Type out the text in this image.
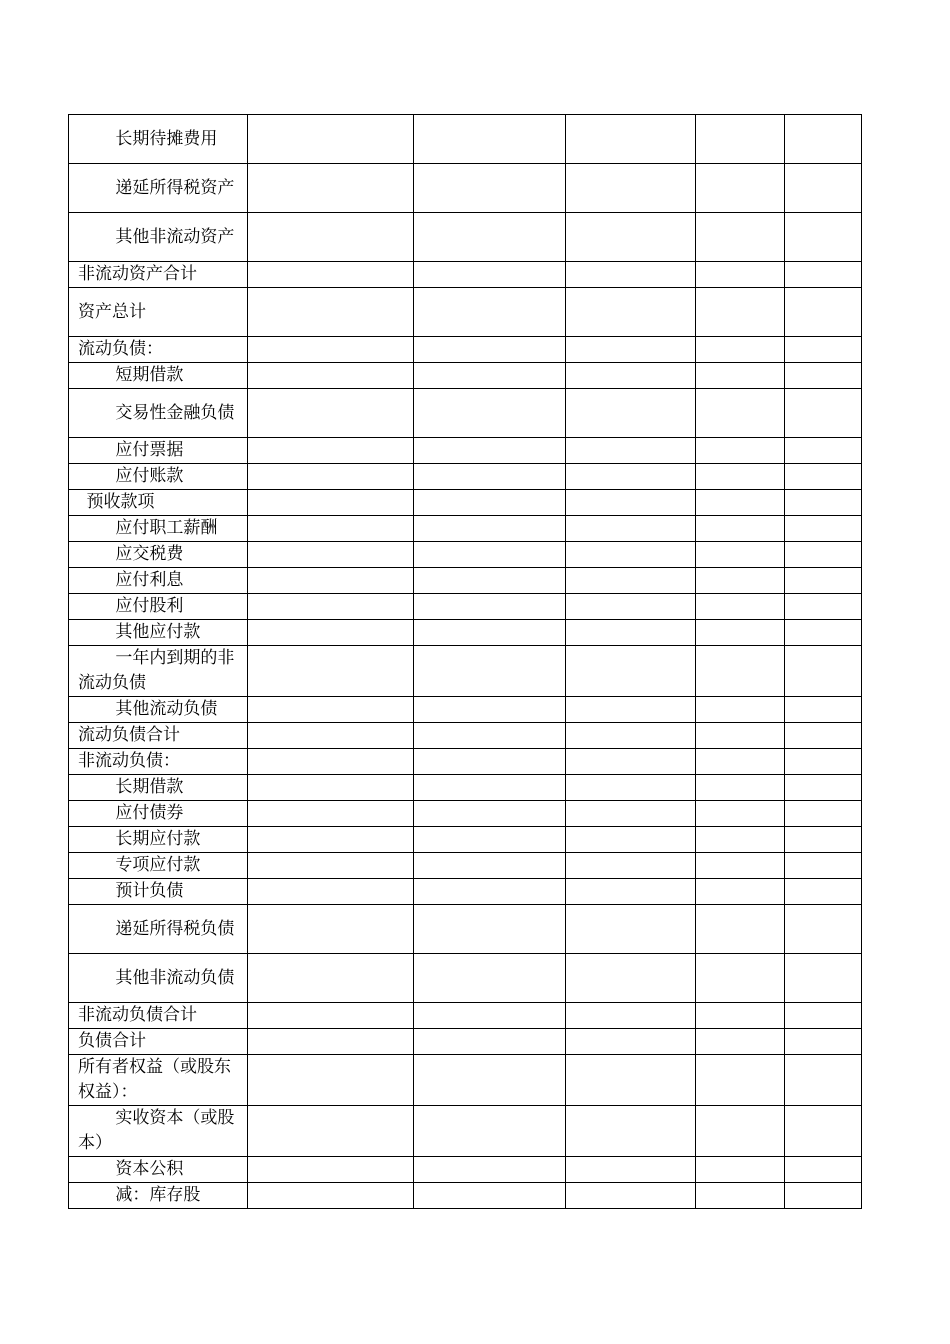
长期待摊费用					

递延所得税资产					

其他非流动资产					

非流动资产合计					

资产总计					

流动负债：					

短期借款					

交易性金融负债					

应付票据					

应付账款					

预收款项					

应付职工薪酬					

应交税费					

应付利息					

应付股利					

其他应付款					

一年内到期的非流动负债					

其他流动负债					

流动负债合计					

非流动负债：					

长期借款					

应付债券					

长期应付款					

专项应付款					

预计负债					

递延所得税负债					

其他非流动负债					

非流动负债合计					

负债合计					

所有者权益（或股东权益）：					

实收资本（或股本）					

资本公积					

减：库存股					
